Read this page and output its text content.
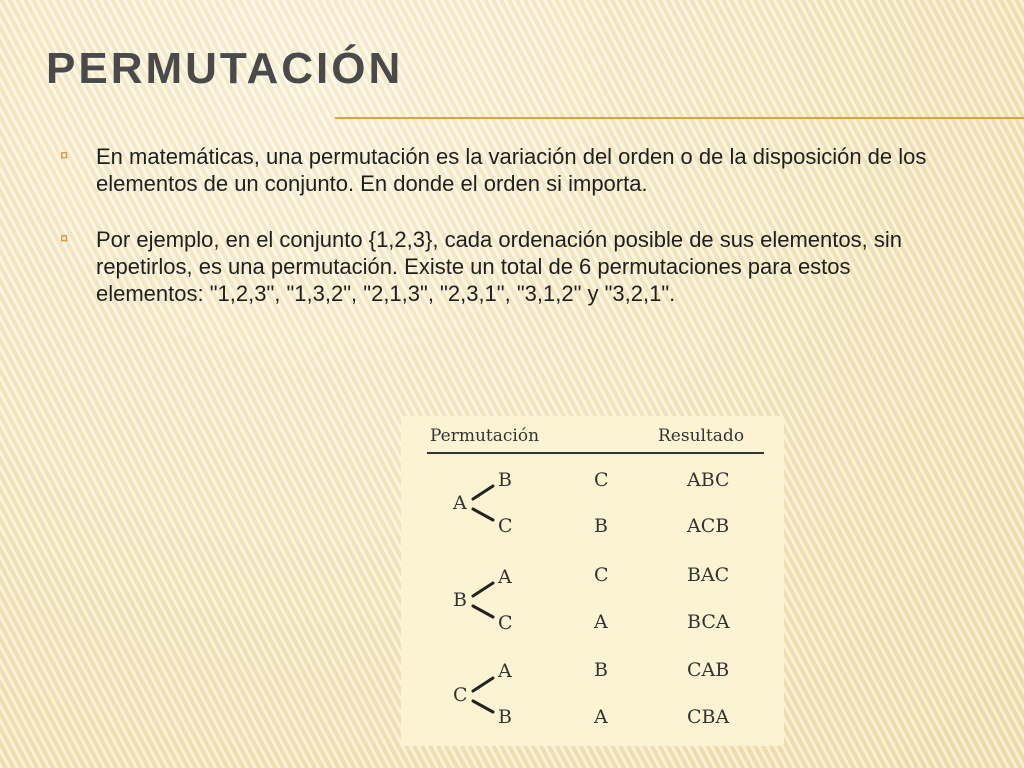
PERMUTACIÓN
¤	En matemáticas, una permutación es la variación del orden o de la disposición de los elementos de un conjunto. En donde el orden si importa.
¤	Por ejemplo, en el conjunto {1,2,3}, cada ordenación posible de sus elementos, sin repetirlos, es una permutación. Existe un total de 6 permutaciones para estos elementos: "1,2,3", "1,3,2", "2,1,3", "2,3,1", "3,1,2" y "3,2,1".
Permutación	Resultado
A
B	C	ABC
C	B	ACB
B
A	C	BAC
C	A	BCA
C
A	B	CAB
B	A	CBA
